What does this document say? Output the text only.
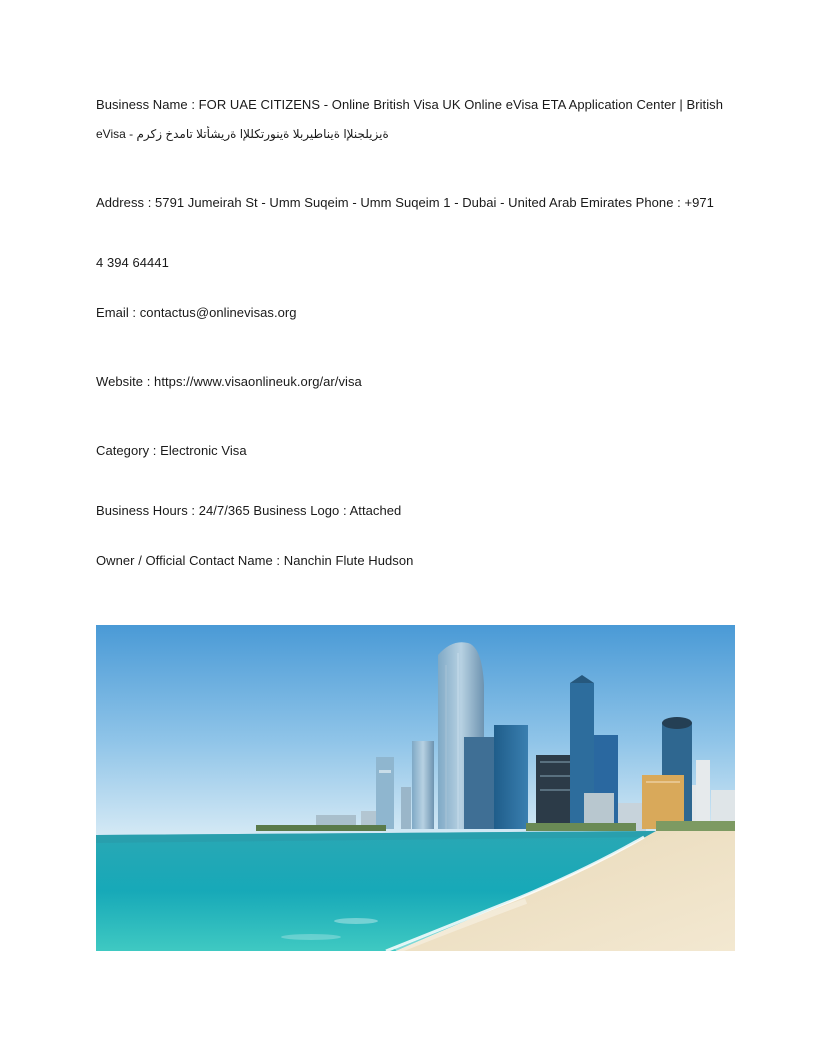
Business Name : FOR UAE CITIZENS - Online British Visa UK Online eVisa ETA Application Center | British
eVisa - ةيزيلجنلإا ةيناطيربلا ةينورتكللإا ةريشأتلا تامدخ زكرم
Address : 5791 Jumeirah St - Umm Suqeim - Umm Suqeim 1 - Dubai - United Arab Emirates Phone : +971
4 394 64441
Email : contactus@onlinevisas.org
Website : https://www.visaonlineuk.org/ar/visa
Category : Electronic Visa
Business Hours : 24/7/365 Business Logo : Attached
Owner / Official Contact Name : Nanchin Flute Hudson
